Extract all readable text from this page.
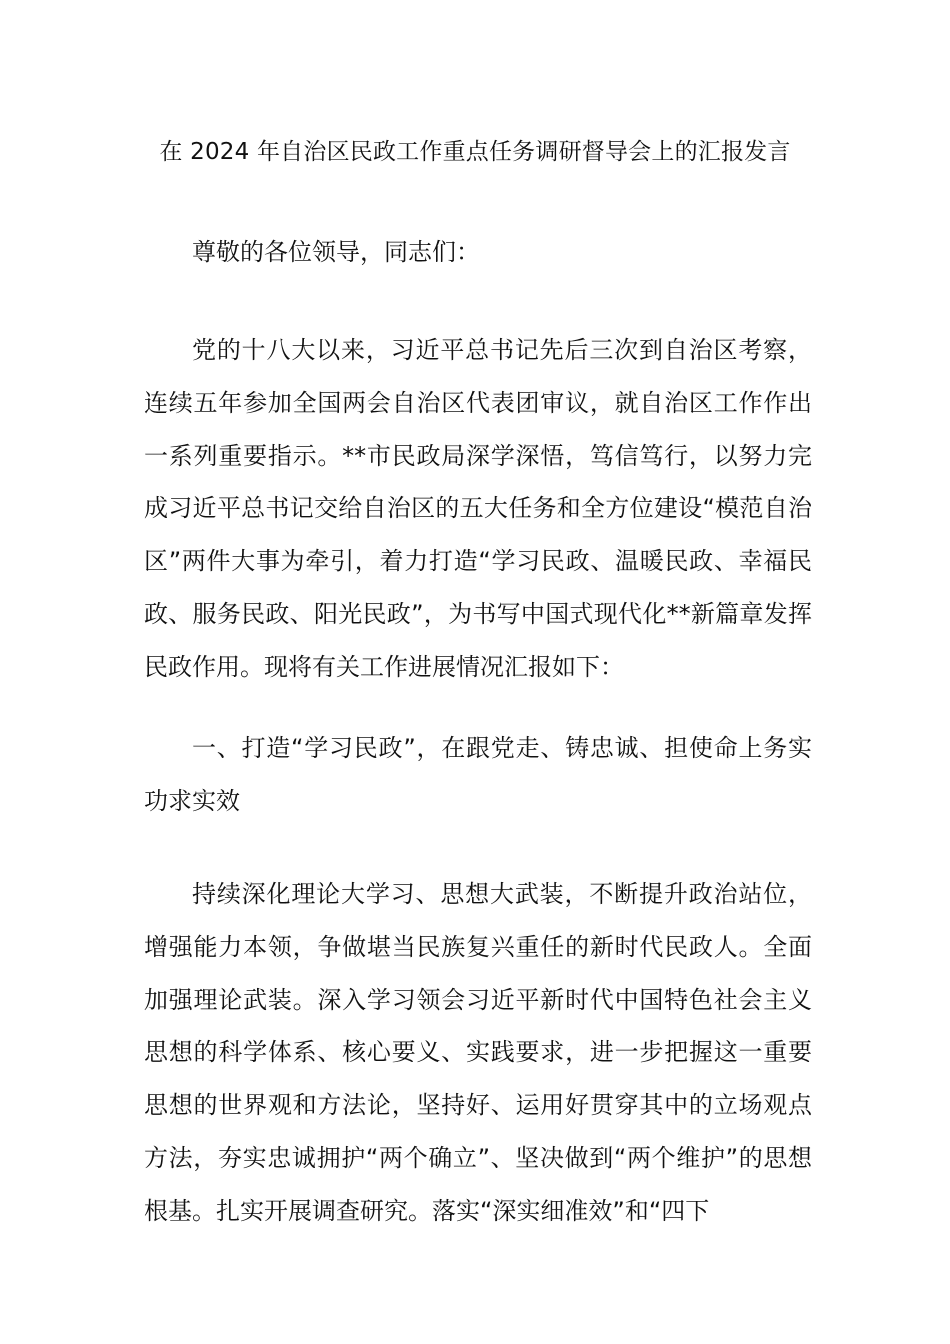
在 2024 年自治区民政工作重点任务调研督导会上的汇报发言

尊敬的各位领导，同志们：

党的十八大以来，习近平总书记先后三次到自治区考察，连续五年参加全国两会自治区代表团审议，就自治区工作作出一系列重要指示。**市民政局深学深悟，笃信笃行，以努力完成习近平总书记交给自治区的五大任务和全方位建设“模范自治区”两件大事为牵引，着力打造“学习民政、温暖民政、幸福民政、服务民政、阳光民政”，为书写中国式现代化**新篇章发挥民政作用。现将有关工作进展情况汇报如下：

一、打造“学习民政”，在跟党走、铸忠诚、担使命上务实功求实效

持续深化理论大学习、思想大武装，不断提升政治站位，增强能力本领，争做堪当民族复兴重任的新时代民政人。全面加强理论武装。深入学习领会习近平新时代中国特色社会主义思想的科学体系、核心要义、实践要求，进一步把握这一重要思想的世界观和方法论，坚持好、运用好贯穿其中的立场观点方法，夯实忠诚拥护“两个确立”、坚决做到“两个维护”的思想根基。扎实开展调查研究。落实“深实细准效”和“四下
